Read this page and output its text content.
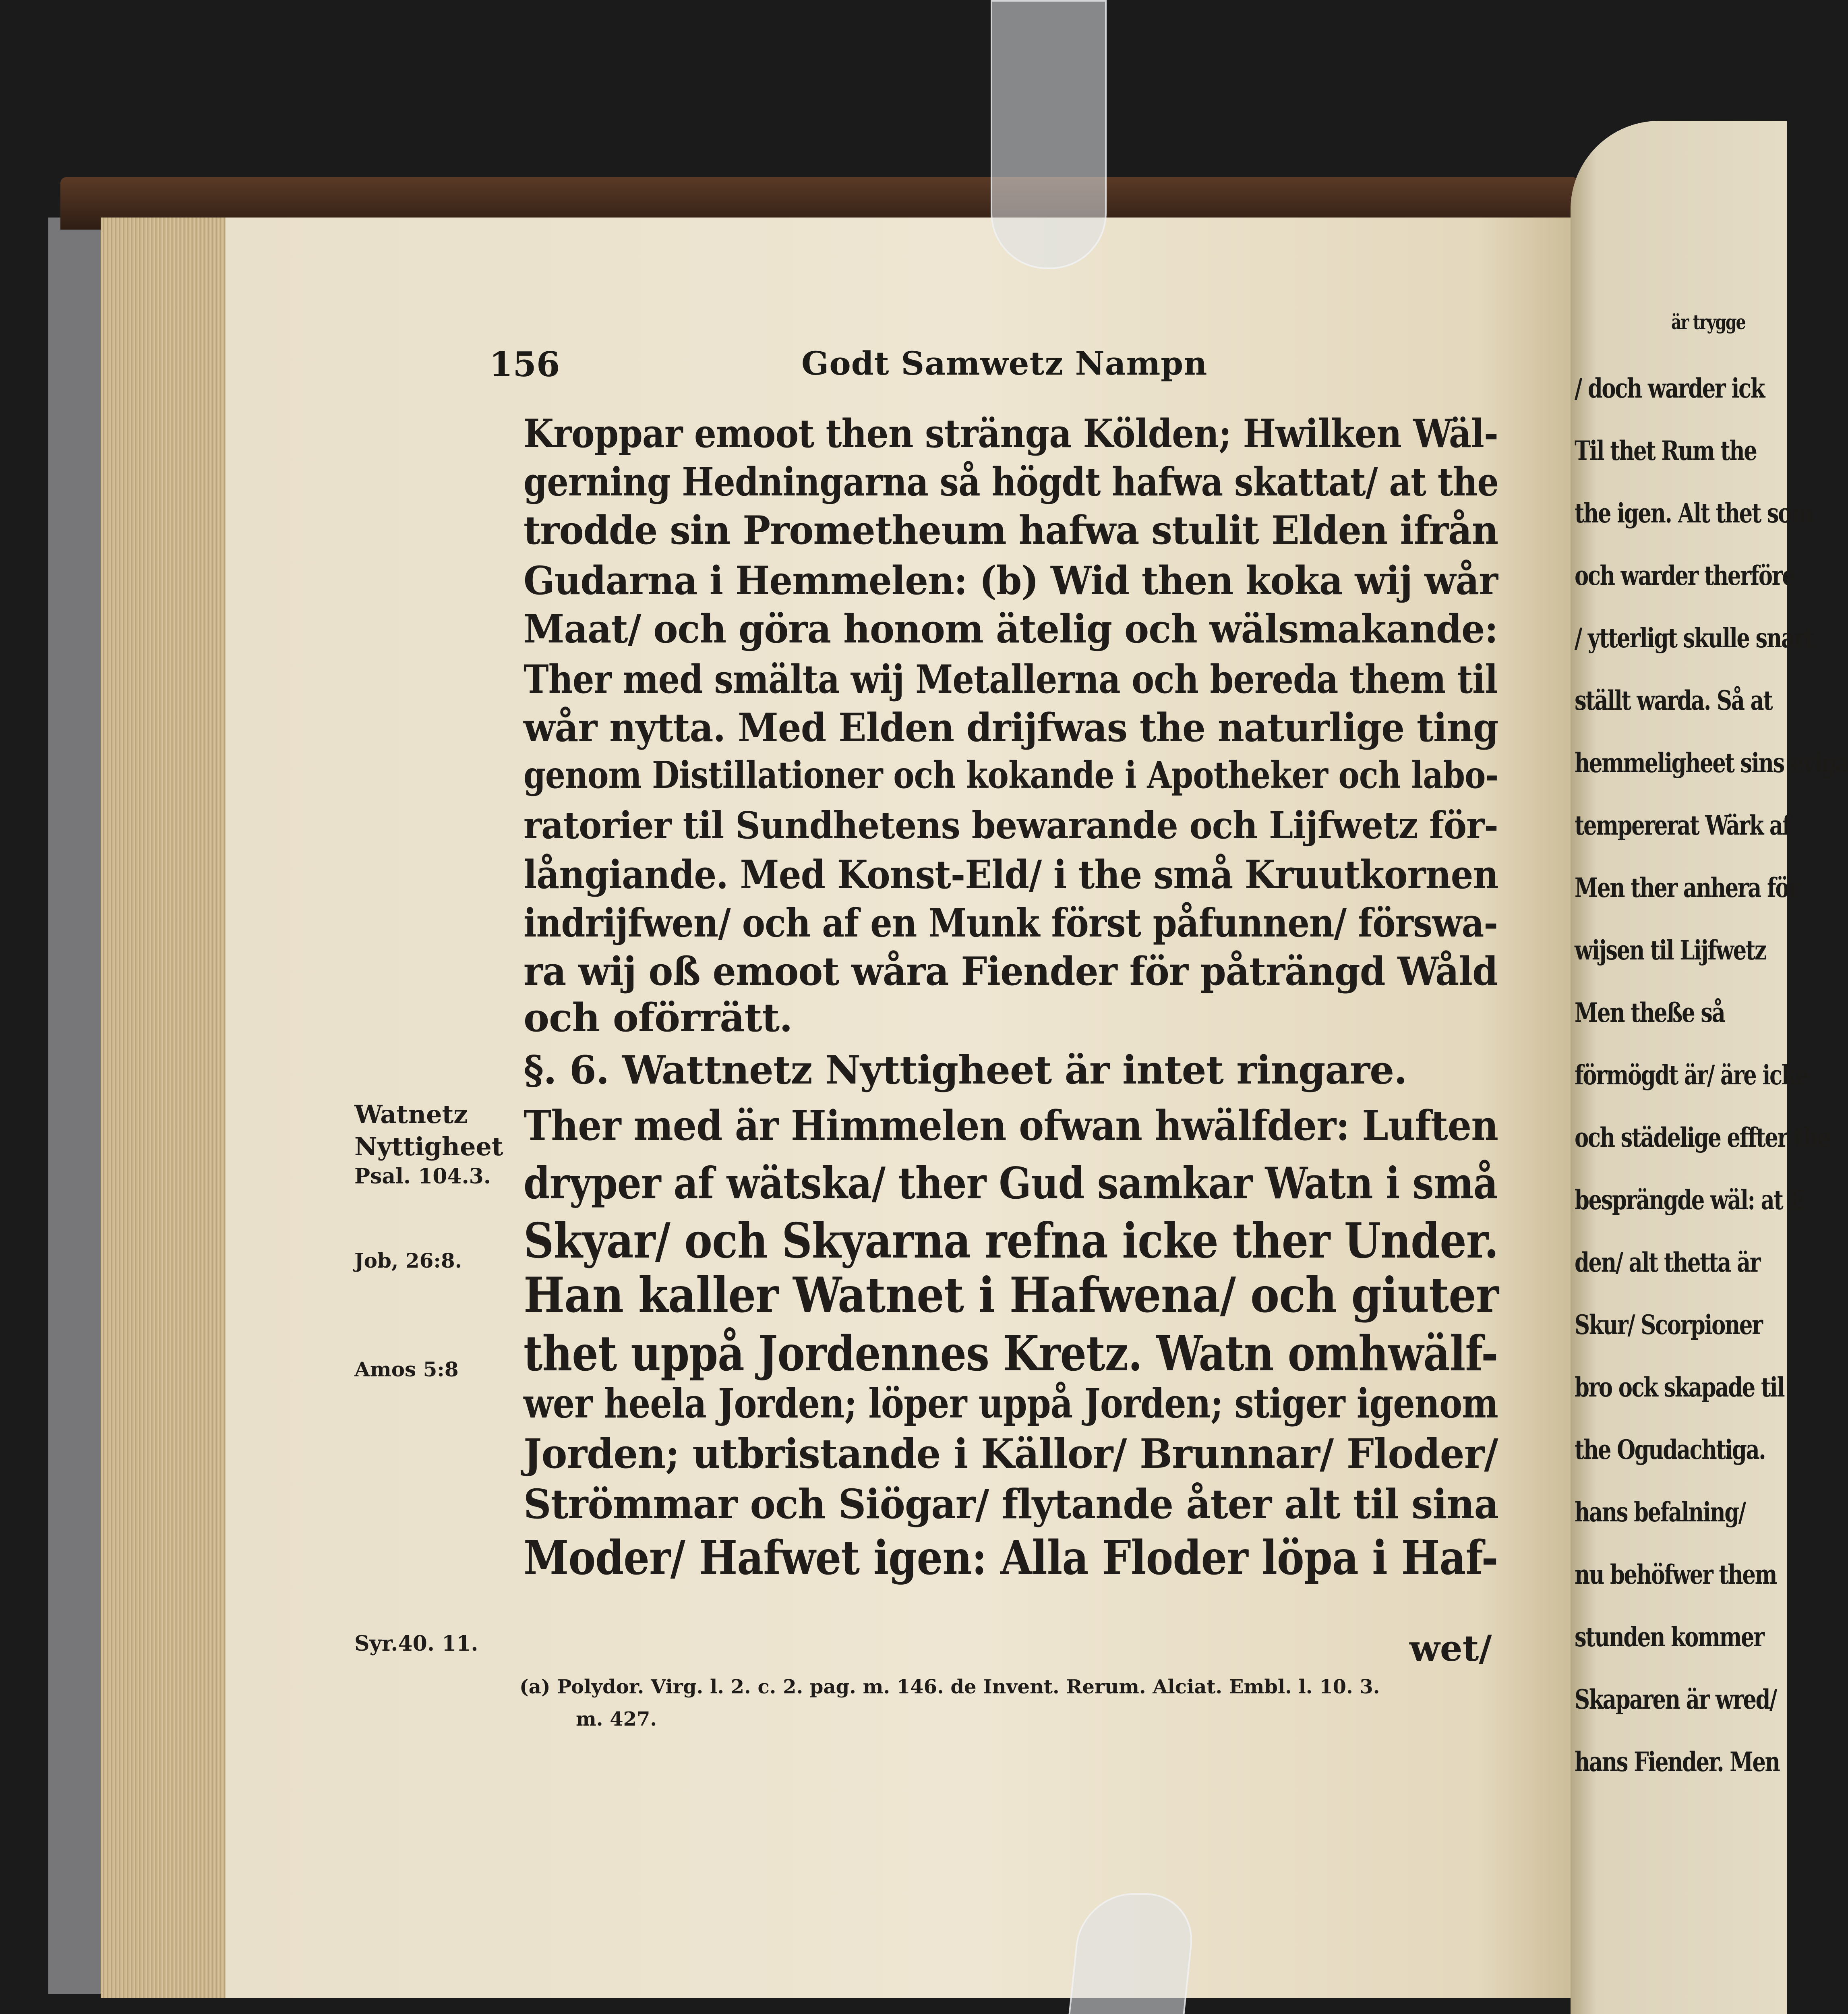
156	Godt Samwetz Nampn
Kroppar emoot then stränga Kölden; Hwilken Wäl-
gerning Hedningarna så högdt hafwa skattat/ at the
trodde sin Prometheum hafwa stulit Elden ifrån
Gudarna i Hemmelen: (b) Wid then koka wij wår
Maat/ och göra honom ätelig och wälsmakande:
Ther med smälta wij Metallerna och bereda them til
wår nytta. Med Elden drijfwas the naturlige ting
genom Distillationer och kokande i Apotheker och labo-
ratorier til Sundhetens bewarande och Lijfwetz för-
långiande. Med Konst-Eld/ i the små Kruutkornen
indrijfwen/ och af en Munk först påfunnen/ förswa-
ra wij oß emoot wåra Fiender för påträngd Wåld
och oförrätt.
§. 6. Wattnetz Nyttigheet är intet ringare.
Ther med är Himmelen ofwan hwälfder: Luften
dryper af wätska/ ther Gud samkar Watn i små
Skyar/ och Skyarna refna icke ther Under.
Han kaller Watnet i Hafwena/ och giuter
thet uppå Jordennes Kretz. Watn omhwälf-
wer heela Jorden; löper uppå Jorden; stiger igenom
Jorden; utbristande i Källor/ Brunnar/ Floder/
Strömmar och Siögar/ flytande åter alt til sina
Moder/ Hafwet igen: Alla Floder löpa i Haf-
wet/
Watnetz
Nyttigheet
Psal. 104.3.
Job, 26:8.
Amos 5:8
Syr.40. 11.
(a) Polydor. Virg. l. 2. c. 2. pag. m. 146. de Invent. Rerum. Alciat. Embl. l. 10. 3.
m. 427.
är trygge
/ doch warder ick
Til thet Rum the
the igen. Alt thet som
och warder therföre
/ ytterligt skulle snart
ställt warda. Så at
hemmeligheet sins eviga
tempererat Wärk af
Men ther anhera för
wijsen til Lijfwetz
Men theße så
förmögdt är/ äre icke
och städelige effter the
besprängde wäl: at E
den/ alt thetta är
Skur/ Scorpioner
bro ock skapade til
the Ogudachtiga.
hans befalning/
nu behöfwer them
stunden kommer
Skaparen är wred/
hans Fiender. Men
